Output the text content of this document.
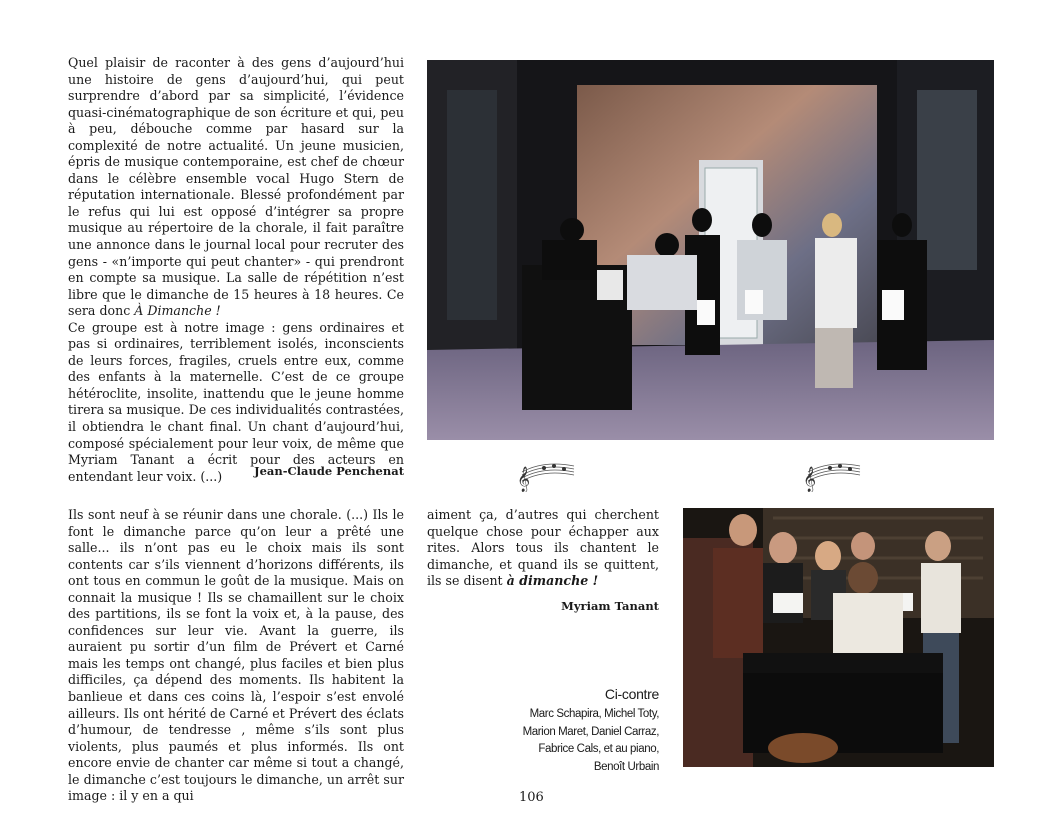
Quel plaisir de raconter à des gens d’aujourd’hui une histoire de gens d’aujourd’hui, qui peut surprendre d’abord par sa simplicité, l’évidence quasi-cinématographique de son écriture et qui, peu à peu, débouche comme par hasard sur la complexité de notre actualité. Un jeune musicien, épris de musique contemporaine, est chef de chœur dans le célèbre ensemble vocal Hugo Stern de réputation internationale. Blessé profondément par le refus qui lui est opposé d’intégrer sa propre musique au répertoire de la chorale, il fait paraître une annonce dans le journal local pour recruter des gens - «n’importe qui peut chanter» - qui prendront en compte sa musique. La salle de répétition n’est libre que le dimanche de 15 heures à 18 heures. Ce sera donc À Dimanche !

Ce groupe est à notre image : gens ordinaires et pas si ordinaires, terriblement isolés, inconscients de leurs forces, fragiles, cruels entre eux, comme des enfants à la maternelle. C’est de ce groupe hétéroclite, insolite, inattendu que le jeune homme tirera sa musique. De ces individualités contrastées, il obtiendra le chant final. Un chant d’aujourd’hui, composé spécialement pour leur voix, de même que Myriam Tanant a écrit pour des acteurs en entendant leur voix. (...)	Jean-Claude Penchenat	𝄞	𝄞

Ils sont neuf à se réunir dans une chorale. (...) Ils le font le dimanche parce qu’on leur a prêté une salle... ils n’ont pas eu le choix mais ils sont contents car s’ils viennent d’horizons différents, ils ont tous en commun le goût de la musique. Mais on connait la musique ! Ils se chamaillent sur le choix des partitions, ils se font la voix et, à la pause, des confidences sur leur vie. Avant la guerre, ils auraient pu sortir d’un film de Prévert et Carné mais les temps ont changé, plus faciles et bien plus difficiles, ça dépend des moments. Ils habitent la banlieue et dans ces coins là, l’espoir s’est envolé ailleurs. Ils ont hérité de Carné et Prévert des éclats d’humour, de tendresse , même s’ils sont plus violents, plus paumés et plus informés. Ils ont encore envie de chanter car même si tout a changé, le dimanche c’est toujours le dimanche, un arrêt sur image : il y en a qui

aiment ça, d’autres qui cherchent quelque chose pour échapper aux rites. Alors tous ils chantent le dimanche, et quand ils se quittent, ils se disent à dimanche !

Myriam Tanant
Ci-contre
Marc Schapira, Michel Toty,
Marion Maret, Daniel Carraz,
Fabrice Cals, et au piano,
Benoît Urbain
106
